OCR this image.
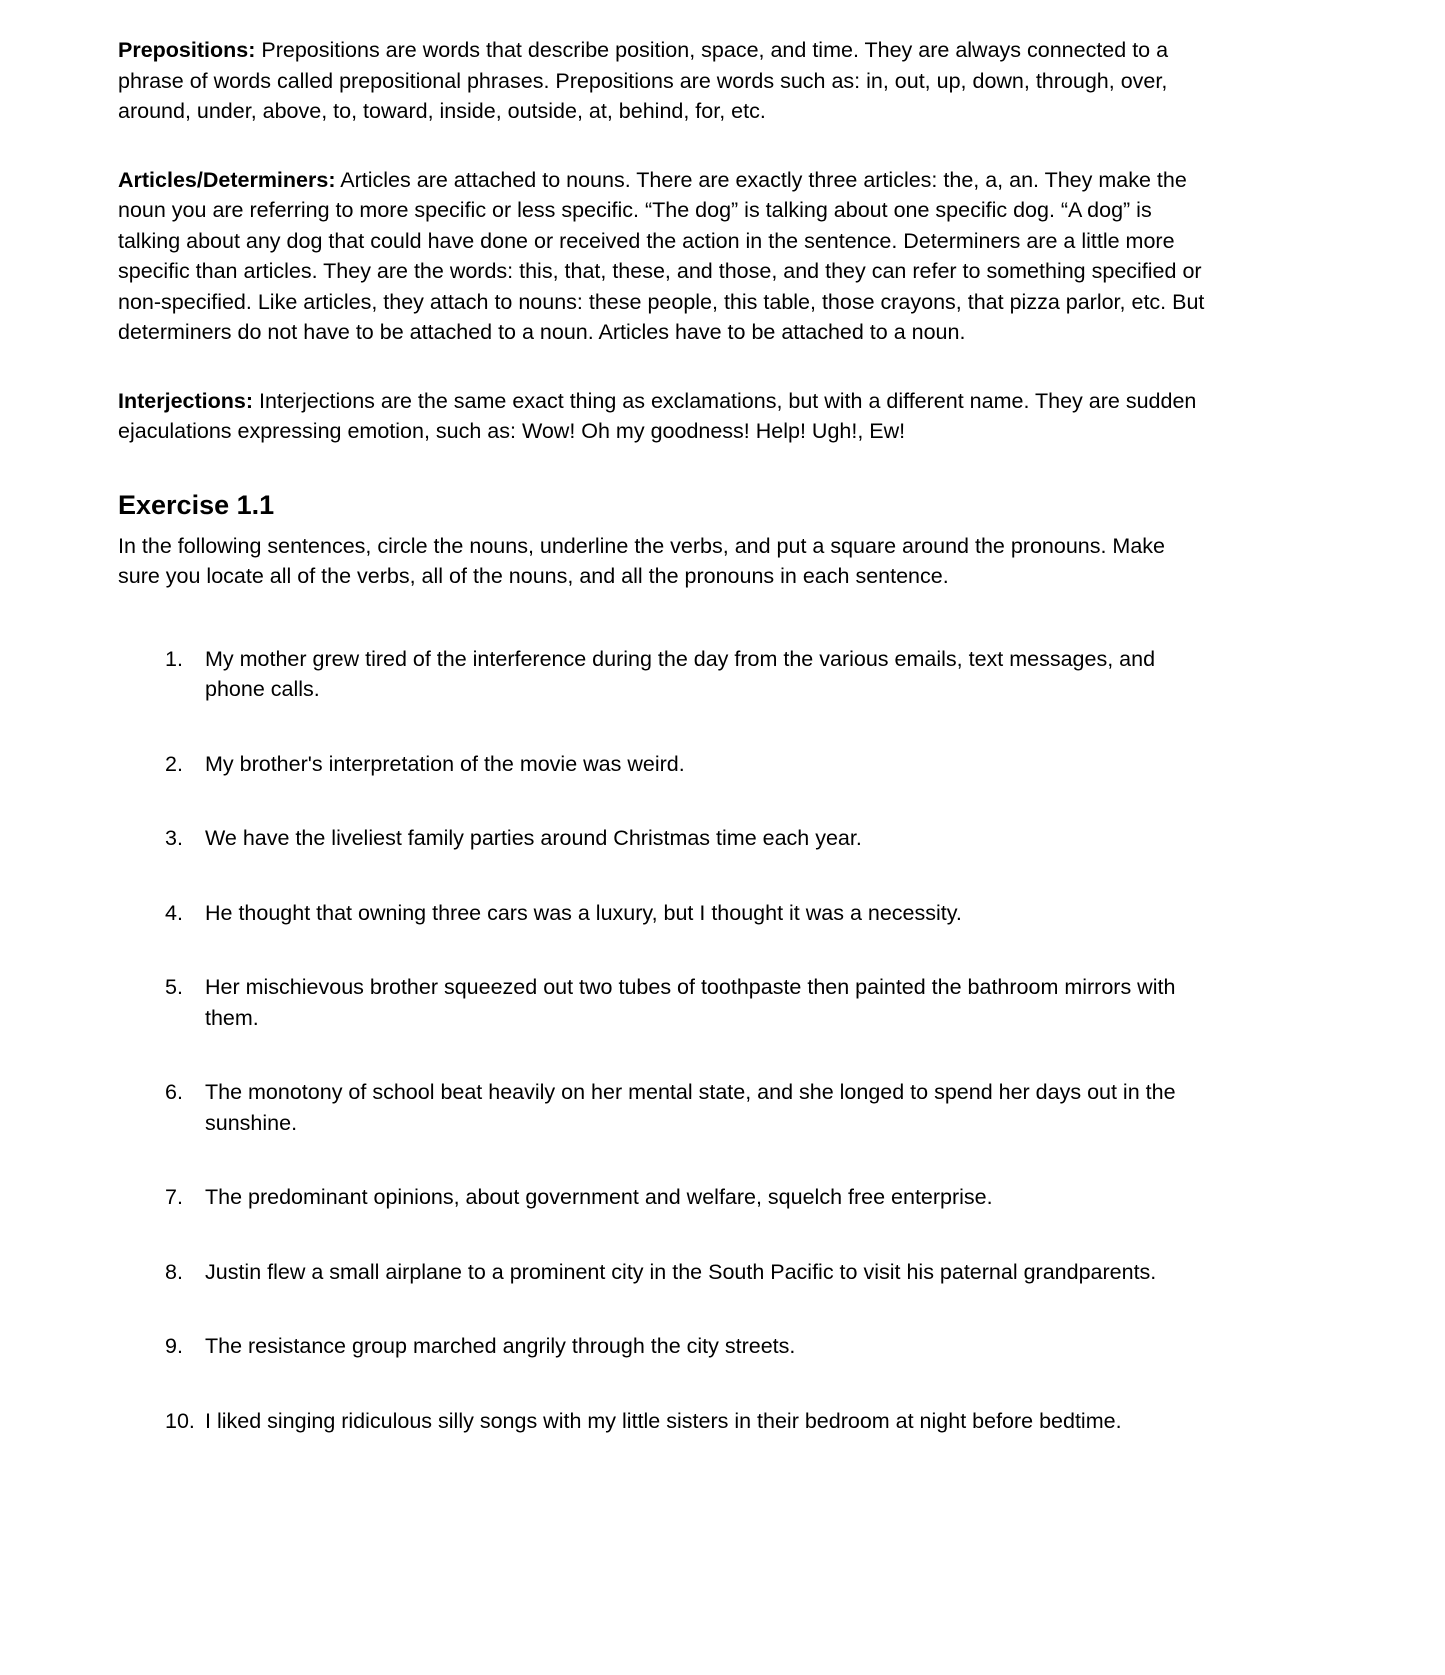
Prepositions: Prepositions are words that describe position, space, and time. They are always connected to a phrase of words called prepositional phrases. Prepositions are words such as: in, out, up, down, through, over, around, under, above, to, toward, inside, outside, at, behind, for, etc.

Articles/Determiners: Articles are attached to nouns. There are exactly three articles: the, a, an. They make the noun you are referring to more specific or less specific. “The dog” is talking about one specific dog. “A dog” is talking about any dog that could have done or received the action in the sentence. Determiners are a little more specific than articles. They are the words: this, that, these, and those, and they can refer to something specified or non-specified. Like articles, they attach to nouns: these people, this table, those crayons, that pizza parlor, etc. But determiners do not have to be attached to a noun. Articles have to be attached to a noun.

Interjections: Interjections are the same exact thing as exclamations, but with a different name. They are sudden ejaculations expressing emotion, such as: Wow! Oh my goodness! Help! Ugh!, Ew!

Exercise 1.1

In the following sentences, circle the nouns, underline the verbs, and put a square around the pronouns. Make sure you locate all of the verbs, all of the nouns, and all the pronouns in each sentence.

1.	My mother grew tired of the interference during the day from the various emails, text messages, and phone calls.
2.	My brother's interpretation of the movie was weird.
3.	We have the liveliest family parties around Christmas time each year.
4.	He thought that owning three cars was a luxury, but I thought it was a necessity.
5.	Her mischievous brother squeezed out two tubes of toothpaste then painted the bathroom mirrors with them.
6.	The monotony of school beat heavily on her mental state, and she longed to spend her days out in the sunshine.
7.	The predominant opinions, about government and welfare, squelch free enterprise.
8.	Justin flew a small airplane to a prominent city in the South Pacific to visit his paternal grandparents.
9.	The resistance group marched angrily through the city streets.
10. I liked singing ridiculous silly songs with my little sisters in their bedroom at night before bedtime.
